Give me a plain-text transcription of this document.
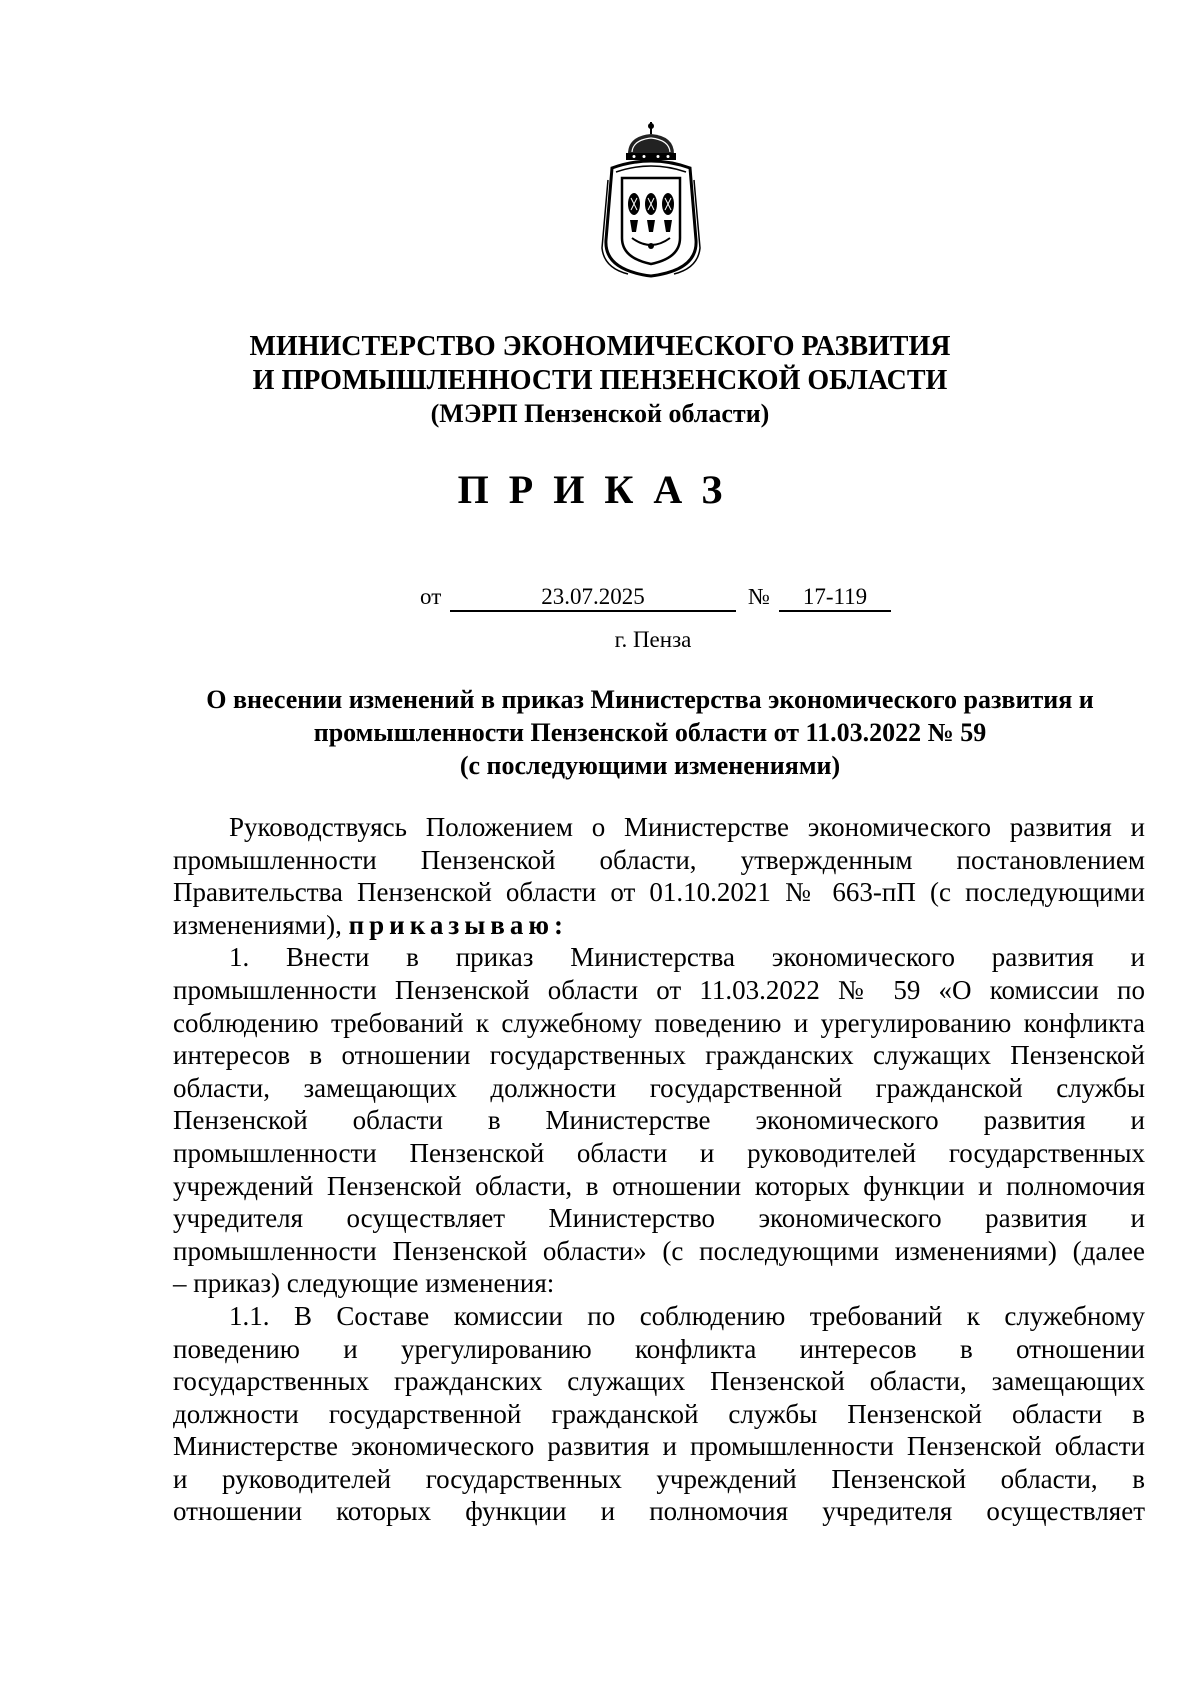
МИНИСТЕРСТВО ЭКОНОМИЧЕСКОГО РАЗВИТИЯ
И ПРОМЫШЛЕННОСТИ ПЕНЗЕНСКОЙ ОБЛАСТИ
(МЭРП Пензенской области)
ПРИКАЗ
от	23.07.2025	№	17-119
г. Пенза
О внесении изменений в приказ Министерства экономического развития и
промышленности Пензенской области от 11.03.2022 № 59
(с последующими изменениями)
Руководствуясь Положением о Министерстве экономического развития и
промышленности Пензенской области, утвержденным постановлением
Правительства Пензенской области от 01.10.2021 № 663-пП (с последующими
изменениями), приказываю:
1. Внести в приказ Министерства экономического развития и
промышленности Пензенской области от 11.03.2022 № 59 «О комиссии по
соблюдению требований к служебному поведению и урегулированию конфликта
интересов в отношении государственных гражданских служащих Пензенской
области, замещающих должности государственной гражданской службы
Пензенской области в Министерстве экономического развития и
промышленности Пензенской области и руководителей государственных
учреждений Пензенской области, в отношении которых функции и полномочия
учредителя осуществляет Министерство экономического развития и
промышленности Пензенской области» (с последующими изменениями) (далее
– приказ) следующие изменения:
1.1. В Составе комиссии по соблюдению требований к служебному
поведению и урегулированию конфликта интересов в отношении
государственных гражданских служащих Пензенской области, замещающих
должности государственной гражданской службы Пензенской области в
Министерстве экономического развития и промышленности Пензенской области
и руководителей государственных учреждений Пензенской области, в
отношении которых функции и полномочия учредителя осуществляет
